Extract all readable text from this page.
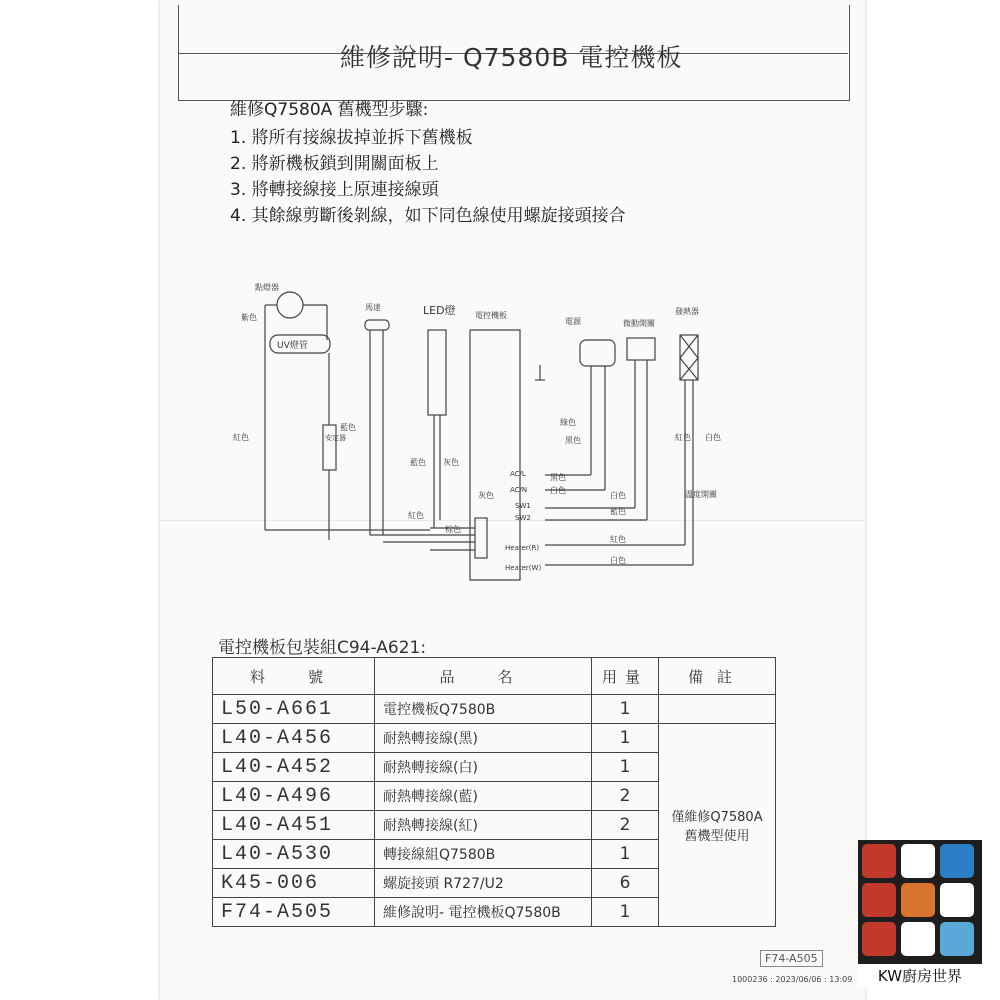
維修說明- Q7580B 電控機板
維修Q7580A 舊機型步驟:
1. 將所有接線拔掉並拆下舊機板
2. 將新機板鎖到開關面板上
3. 將轉接線接上原連接線頭
4. 其餘線剪斷後剝線，如下同色線使用螺旋接頭接合
點燈器
馬達	LED燈 電控機板
電源	微動開關
發熱器
UV燈管
安定器
溫度開關
紅色
紫色
藍色
藍色 灰色
綠色
黑色
灰色
紅色
棕色
黑色
白色
白色
藍色
紅色
白色
紅色 白色
AC/L
AC/N
SW1
SW2
Heater(R)
Heater(W)
電控機板包裝組C94-A621:
料　號	品　名	用量	備註
L50-A661	電控機板Q7580B	1	
L40-A456	耐熱轉接線(黑)	1	僅維修Q7580A 舊機型使用
L40-A452	耐熱轉接線(白)	1	
L40-A496	耐熱轉接線(藍)	2	
L40-A451	耐熱轉接線(紅)	2	
L40-A530	轉接線組Q7580B	1	
K45-006	螺旋接頭 R727/U2	6	
F74-A505	維修說明- 電控機板Q7580B	1	
F74-A505
1000236 : 2023/06/06 : 13:09	KW廚房世界
